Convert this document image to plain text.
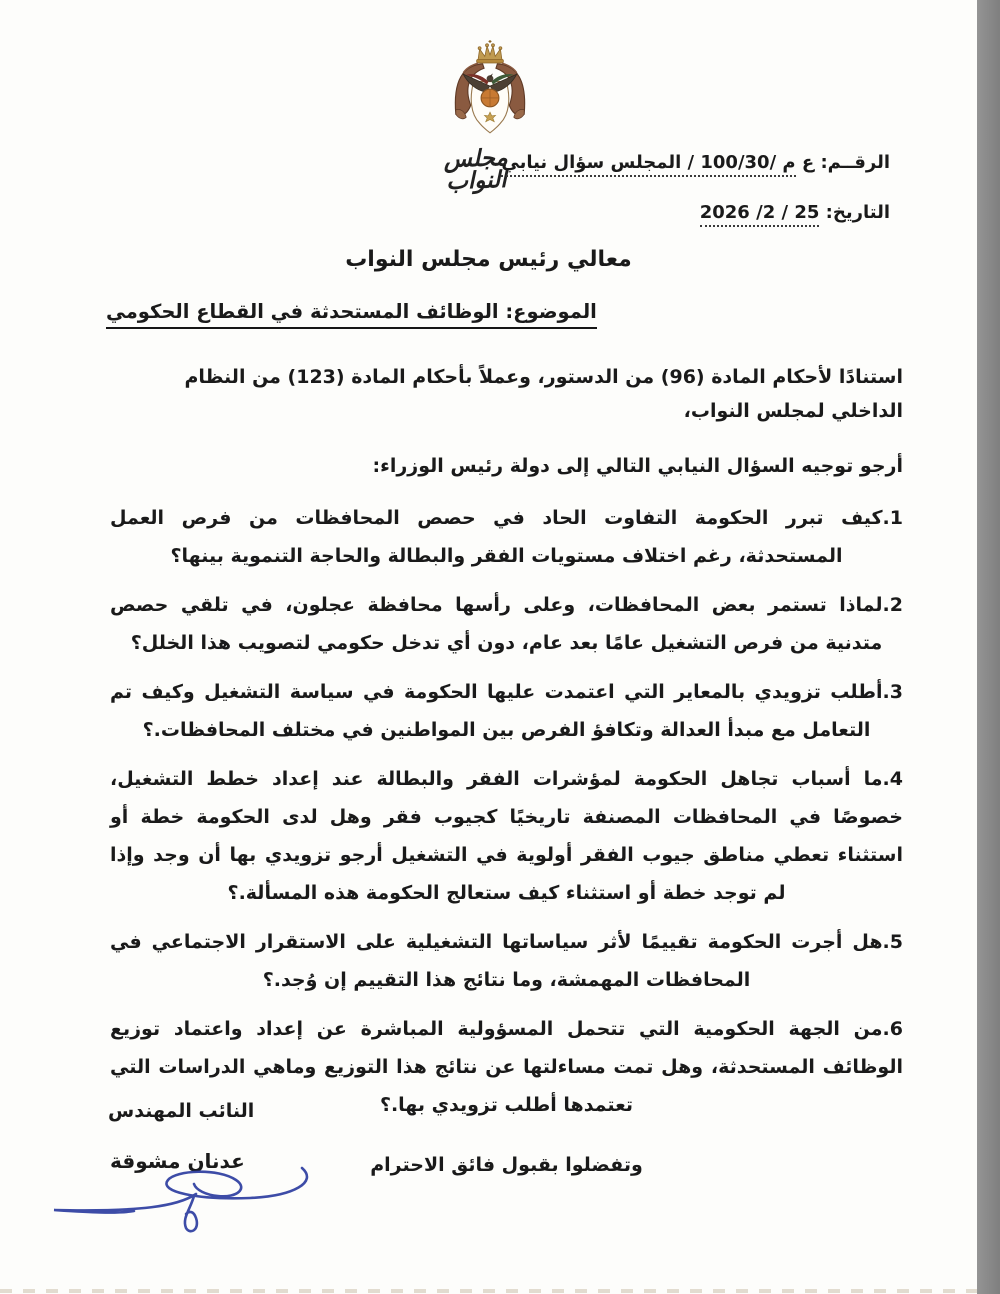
مجلس النواب
الرقــم: ع م /100/30 / المجلس سؤال نيابي
التاريخ: 25 / 2/ 2026
معالي رئيس مجلس النواب
الموضوع: الوظائف المستحدثة في القطاع الحكومي

استنادًا لأحكام المادة (96) من الدستور، وعملاً بأحكام المادة (123) من النظام الداخلي لمجلس النواب،

أرجو توجيه السؤال النيابي التالي إلى دولة رئيس الوزراء:

1.كيف تبرر الحكومة التفاوت الحاد في حصص المحافظات من فرص العمل المستحدثة، رغم اختلاف مستويات الفقر والبطالة والحاجة التنموية بينها؟

2.لماذا تستمر بعض المحافظات، وعلى رأسها محافظة عجلون، في تلقي حصص متدنية من فرص التشغيل عامًا بعد عام، دون أي تدخل حكومي لتصويب هذا الخلل؟

3.أطلب تزويدي بالمعاير التي اعتمدت عليها الحكومة في سياسة التشغيل وكيف تم التعامل مع مبدأ العدالة وتكافؤ الفرص بين المواطنين في مختلف المحافظات.؟

4.ما أسباب تجاهل الحكومة لمؤشرات الفقر والبطالة عند إعداد خطط التشغيل، خصوصًا في المحافظات المصنفة تاريخيًا كجيوب فقر وهل لدى الحكومة خطة أو استثناء تعطي مناطق جيوب الفقر أولوية في التشغيل أرجو تزويدي بها أن وجد وإذا لم توجد خطة أو استثناء كيف ستعالج الحكومة هذه المسألة.؟

5.هل أجرت الحكومة تقييمًا لأثر سياساتها التشغيلية على الاستقرار الاجتماعي في المحافظات المهمشة، وما نتائج هذا التقييم إن وُجد.؟

6.من الجهة الحكومية التي تتحمل المسؤولية المباشرة عن إعداد واعتماد توزيع الوظائف المستحدثة، وهل تمت مساءلتها عن نتائج هذا التوزيع وماهي الدراسات التي تعتمدها أطلب تزويدي بها.؟

وتفضلوا بقبول فائق الاحترام

النائب المهندس
عدنان مشوقة
